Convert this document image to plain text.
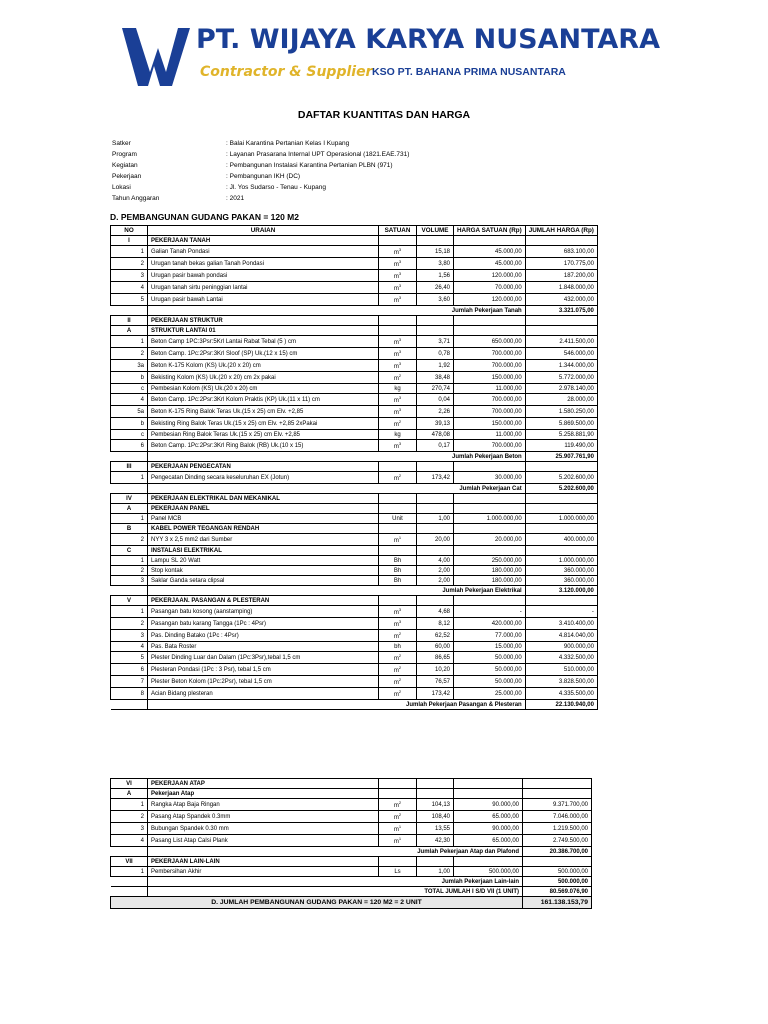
PT. WIJAYA KARYA NUSANTARA
Contractor & Supplier KSO PT. BAHANA PRIMA NUSANTARA
DAFTAR KUANTITAS DAN HARGA
Satker	: Balai Karantina Pertanian Kelas I Kupang
Program	: Layanan Prasarana Internal UPT Operasional (1821.EAE.731)
Kegiatan	: Pembangunan Instalasi Karantina Pertanian PLBN (971)
Pekerjaan	: Pembangunan IKH (DC)
Lokasi	: Jl. Yos Sudarso - Tenau - Kupang
Tahun Anggaran	: 2021
D. PEMBANGUNAN GUDANG PAKAN = 120 M2
NO	URAIAN	SATUAN	VOLUME	HARGA SATUAN (Rp)	JUMLAH HARGA (Rp)
I	PEKERJAAN TANAH				
1	Galian Tanah Pondasi	$m^3$	15,18	45.000,00	683.100,00
2	Urugan tanah bekas galian Tanah Pondasi	$m^3$	3,80	45.000,00	170.775,00
3	Urugan pasir bawah pondasi	$m^3$	1,56	120.000,00	187.200,00
4	Urugan tanah sirtu peninggian lantai	$m^3$	26,40	70.000,00	1.848.000,00
5	Urugan pasir bawah Lantai	$m^3$	3,60	120.000,00	432.000,00
	Jumlah Pekerjaan Tanah				3.321.075,00
II	PEKERJAAN STRUKTUR				
A	STRUKTUR LANTAI 01				
1	Beton Camp 1PC:3Psr:5Krl Lantai Rabat Tebal (5 ) cm	$m^3$	3,71	650.000,00	2.411.500,00
2	Beton Camp. 1Pc:2Psr:3Krl Sloof (SP) Uk.(12 x 15) cm	$m^3$	0,78	700.000,00	546.000,00
3a	Beton K-175 Kolom (KS) Uk.(20 x 20) cm	$m^3$	1,92	700.000,00	1.344.000,00
b	Bekisting Kolom (KS) Uk.(20 x 20) cm 2x pakai	$m^2$	38,48	150.000,00	5.772.000,00
c	Pembesian Kolom (KS) Uk.(20 x 20) cm	kg	270,74	11.000,00	2.978.140,00
4	Beton Camp. 1Pc:2Psr:3Krl Kolom Praktis (KP) Uk.(11 x 11) cm	$m^3$	0,04	700.000,00	28.000,00
5a	Beton K-175 Ring Balok Teras Uk.(15 x 25) cm Elv. +2,85	$m^3$	2,26	700.000,00	1.580.250,00
b	Bekisting Ring Balok Teras Uk.(15 x 25) cm Elv. +2,85 2xPakai	$m^2$	39,13	150.000,00	5.869.500,00
c	Pembesian Ring Balok Teras Uk.(15 x 25) cm Elv. +2,85	kg	478,08	11.000,00	5.258.881,90
6	Beton Camp. 1Pc:2Psr:3Krl Ring Balok (RB) Uk.(10 x 15)	$m^3$	0,17	700.000,00	119.490,00
	Jumlah Pekerjaan Beton				25.907.761,90
III	PEKERJAAN PENGECATAN				
1	Pengecatan Dinding secara keseluruhan EX (Jotun)	$m^2$	173,42	30.000,00	5.202.600,00
	Jumlah Pekerjaan Cat				5.202.600,00
IV	PEKERJAAN ELEKTRIKAL DAN MEKANIKAL				
A	PEKERJAAN PANEL				
1	Panel MCB	Unit	1,00	1.000.000,00	1.000.000,00
B	KABEL POWER TEGANGAN RENDAH				
2	NYY 3 x 2,5 mm2 dari Sumber	$m^1$	20,00	20.000,00	400.000,00
C	INSTALASI ELEKTRIKAL				
1	Lampu SL 20 Watt	Bh	4,00	250.000,00	1.000.000,00
2	Stop kontak	Bh	2,00	180.000,00	360.000,00
3	Saklar Ganda setara clipsal	Bh	2,00	180.000,00	360.000,00
	Jumlah Pekerjaan Elektrikal				3.120.000,00
V	PEKERJAAN. PASANGAN & PLESTERAN				
1	Pasangan batu kosong (aanstamping)	$m^3$	4,68	-	-
2	Pasangan batu karang Tangga (1Pc : 4Psr)	$m^3$	8,12	420.000,00	3.410.400,00
3	Pas. Dinding Batako (1Pc : 4Psr)	$m^2$	62,52	77.000,00	4.814.040,00
4	Pas. Bata Roster	bh	60,00	15.000,00	900.000,00
5	Plester Dinding Luar dan Dalam (1Pc:3Psr),tebal 1,5 cm	$m^2$	86,65	50.000,00	4.332.500,00
6	Plesteran Pondasi (1Pc : 3 Psr), tebal 1,5 cm	$m^2$	10,20	50.000,00	510.000,00
7	Plester Beton Kolom (1Pc:2Psr), tebal 1,5 cm	$m^2$	76,57	50.000,00	3.828.500,00
8	Acian Bidang plesteran	$m^2$	173,42	25.000,00	4.335.500,00
	Jumlah Pekerjaan Pasangan & Plesteran				22.130.940,00
VI	PEKERJAAN ATAP				
A	Pekerjaan Atap				
1	Rangka Atap Baja Ringan	$m^2$	104,13	90.000,00	9.371.700,00
2	Pasang Atap Spandek 0.3mm	$m^2$	108,40	65.000,00	7.046.000,00
3	Bubungan Spandek 0.30 mm	$m^1$	13,55	90.000,00	1.219.500,00
4	Pasang List Atap Calsi Plank	$m^1$	42,30	65.000,00	2.749.500,00
	Jumlah Pekerjaan Atap dan Plafond				20.386.700,00
VII	PEKERJAAN LAIN-LAIN				
1	Pembersihan Akhir	Ls	1,00	500.000,00	500.000,00
	Jumlah Pekerjaan Lain-lain				500.000,00
	TOTAL JUMLAH I S/D VII (1 UNIT)				80.569.076,90
D. JUMLAH PEMBANGUNAN GUDANG PAKAN = 120 M2 = 2 UNIT					161.138.153,79
